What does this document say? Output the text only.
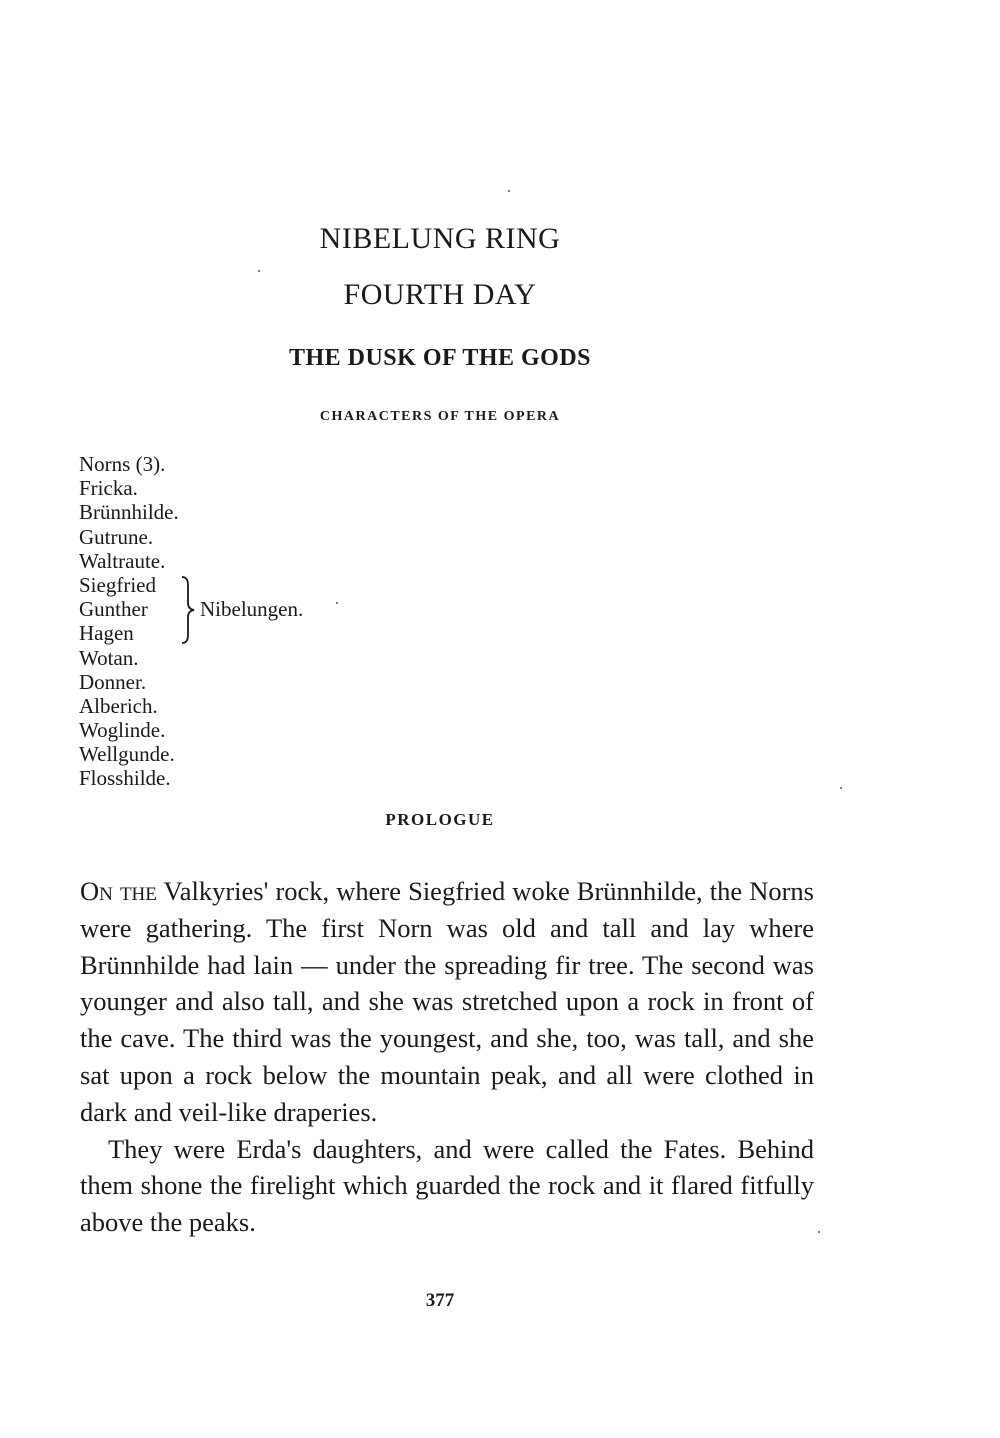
NIBELUNG RING
FOURTH DAY
THE DUSK OF THE GODS
CHARACTERS OF THE OPERA
Norns (3).
Fricka.
Brünnhilde.
Gutrune.
Waltraute.
Siegfried
Gunther
Hagen
Nibelungen.
Wotan.
Donner.
Alberich.
Woglinde.
Wellgunde.
Flosshilde.
PROLOGUE

On the Valkyries' rock, where Siegfried woke Brünnhilde, the Norns were gathering. The first Norn was old and tall and lay where Brünnhilde had lain — under the spreading fir tree. The second was younger and also tall, and she was stretched upon a rock in front of the cave. The third was the youngest, and she, too, was tall, and she sat upon a rock below the mountain peak, and all were clothed in dark and veil-like draperies.

They were Erda's daughters, and were called the Fates. Behind them shone the firelight which guarded the rock and it flared fitfully above the peaks.

377
